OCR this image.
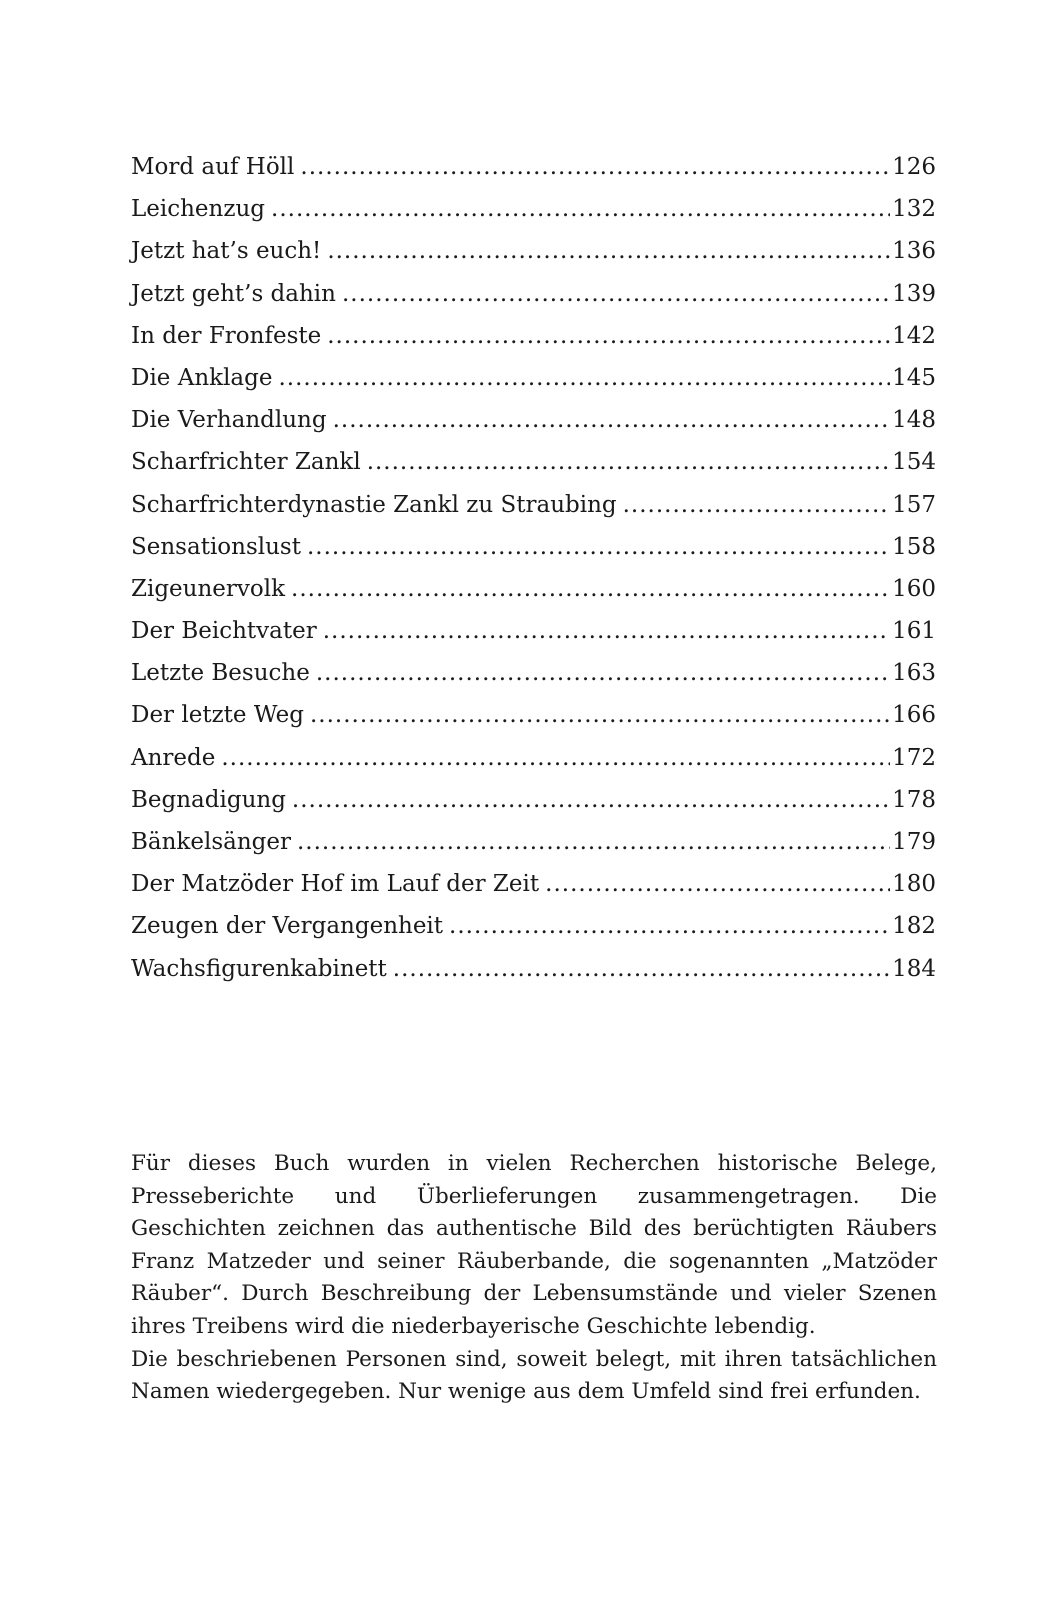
Mord auf Höll .....	126
Leichenzug .....	132
Jetzt hat’s euch! .....	136
Jetzt geht’s dahin .....	139
In der Fronfeste .....	142
Die Anklage .....	145
Die Verhandlung .....	148
Scharfrichter Zankl .....	154
Scharfrichterdynastie Zankl zu Straubing .....	157
Sensationslust .....	158
Zigeunervolk .....	160
Der Beichtvater .....	161
Letzte Besuche .....	163
Der letzte Weg .....	166
Anrede .....	172
Begnadigung .....	178
Bänkelsänger .....	179
Der Matzöder Hof im Lauf der Zeit .....	180
Zeugen der Vergangenheit .....	182
Wachsfigurenkabinett .....	184

Für dieses Buch wurden in vielen Recherchen historische Belege, Presseberichte und Überlieferungen zusammengetragen. Die Geschichten zeichnen das authentische Bild des berüchtigten Räubers Franz Matzeder und seiner Räuberbande, die sogenannten „Matzöder Räuber“. Durch Beschreibung der Lebensumstände und vieler Szenen ihres Treibens wird die niederbayerische Geschichte lebendig.

Die beschriebenen Personen sind, soweit belegt, mit ihren tatsächlichen Namen wiedergegeben. Nur wenige aus dem Umfeld sind frei erfunden.
